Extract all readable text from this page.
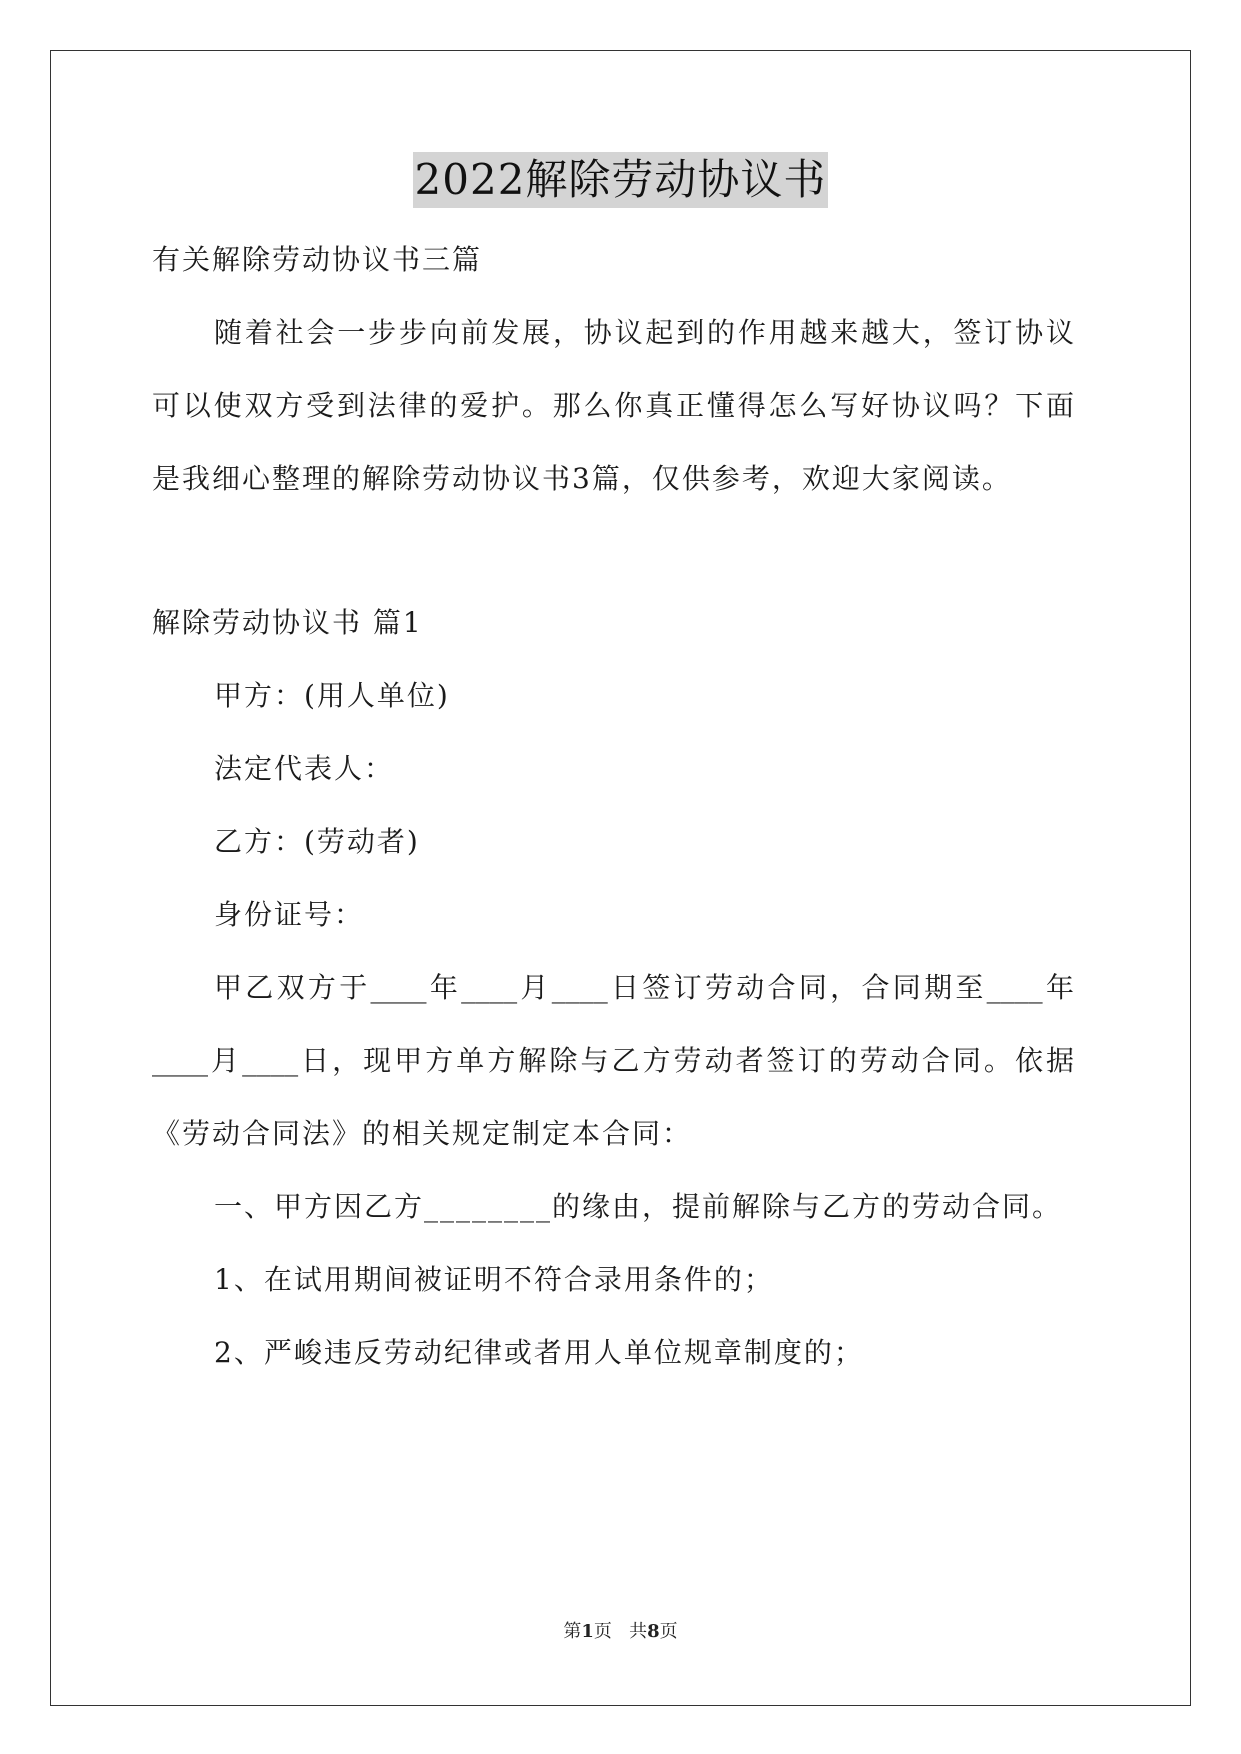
2022解除劳动协议书
有关解除劳动协议书三篇
随着社会一步步向前发展，协议起到的作用越来越大，签订协议
可以使双方受到法律的爱护。那么你真正懂得怎么写好协议吗？下面
是我细心整理的解除劳动协议书3篇，仅供参考，欢迎大家阅读。
解除劳动协议书 篇1
甲方：(用人单位)
法定代表人：
乙方：(劳动者)
身份证号：
甲乙双方于____年____月____日签订劳动合同，合同期至____年
____月____日，现甲方单方解除与乙方劳动者签订的劳动合同。依据
《劳动合同法》的相关规定制定本合同：
一、甲方因乙方________的缘由，提前解除与乙方的劳动合同。
1、在试用期间被证明不符合录用条件的；
2、严峻违反劳动纪律或者用人单位规章制度的；
第1页 共8页
